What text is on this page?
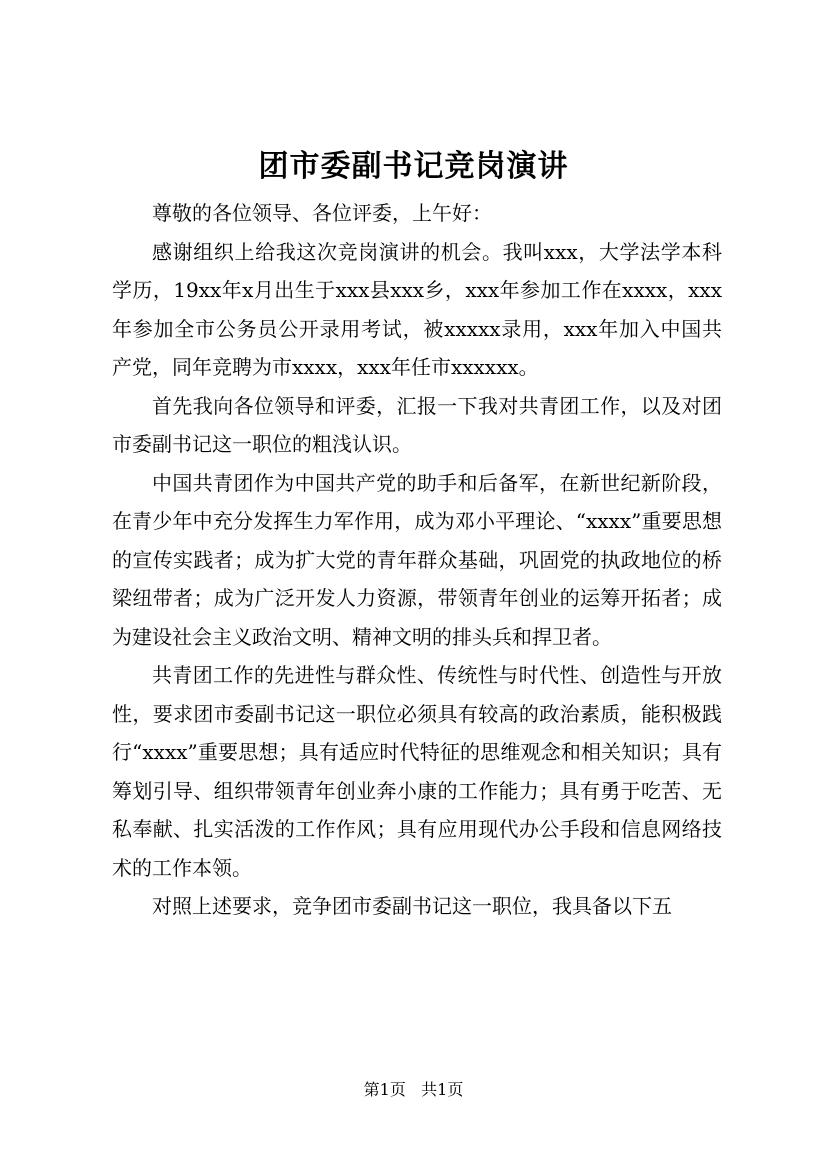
团市委副书记竞岗演讲

尊敬的各位领导、各位评委，上午好：

感谢组织上给我这次竞岗演讲的机会。我叫xxx，大学法学本科学历，19xx年x月出生于xxx县xxx乡，xxx年参加工作在xxxx，xxx年参加全市公务员公开录用考试，被xxxxx录用，xxx年加入中国共产党，同年竞聘为市xxxx，xxx年任市xxxxxx。

首先我向各位领导和评委，汇报一下我对共青团工作，以及对团市委副书记这一职位的粗浅认识。

中国共青团作为中国共产党的助手和后备军，在新世纪新阶段，在青少年中充分发挥生力军作用，成为邓小平理论、“xxxx”重要思想的宣传实践者；成为扩大党的青年群众基础，巩固党的执政地位的桥梁纽带者；成为广泛开发人力资源，带领青年创业的运筹开拓者；成为建设社会主义政治文明、精神文明的排头兵和捍卫者。

共青团工作的先进性与群众性、传统性与时代性、创造性与开放性，要求团市委副书记这一职位必须具有较高的政治素质，能积极践行“xxxx”重要思想；具有适应时代特征的思维观念和相关知识；具有筹划引导、组织带领青年创业奔小康的工作能力；具有勇于吃苦、无私奉献、扎实活泼的工作作风；具有应用现代办公手段和信息网络技术的工作本领。

对照上述要求，竞争团市委副书记这一职位，我具备以下五

第1页 共1页
